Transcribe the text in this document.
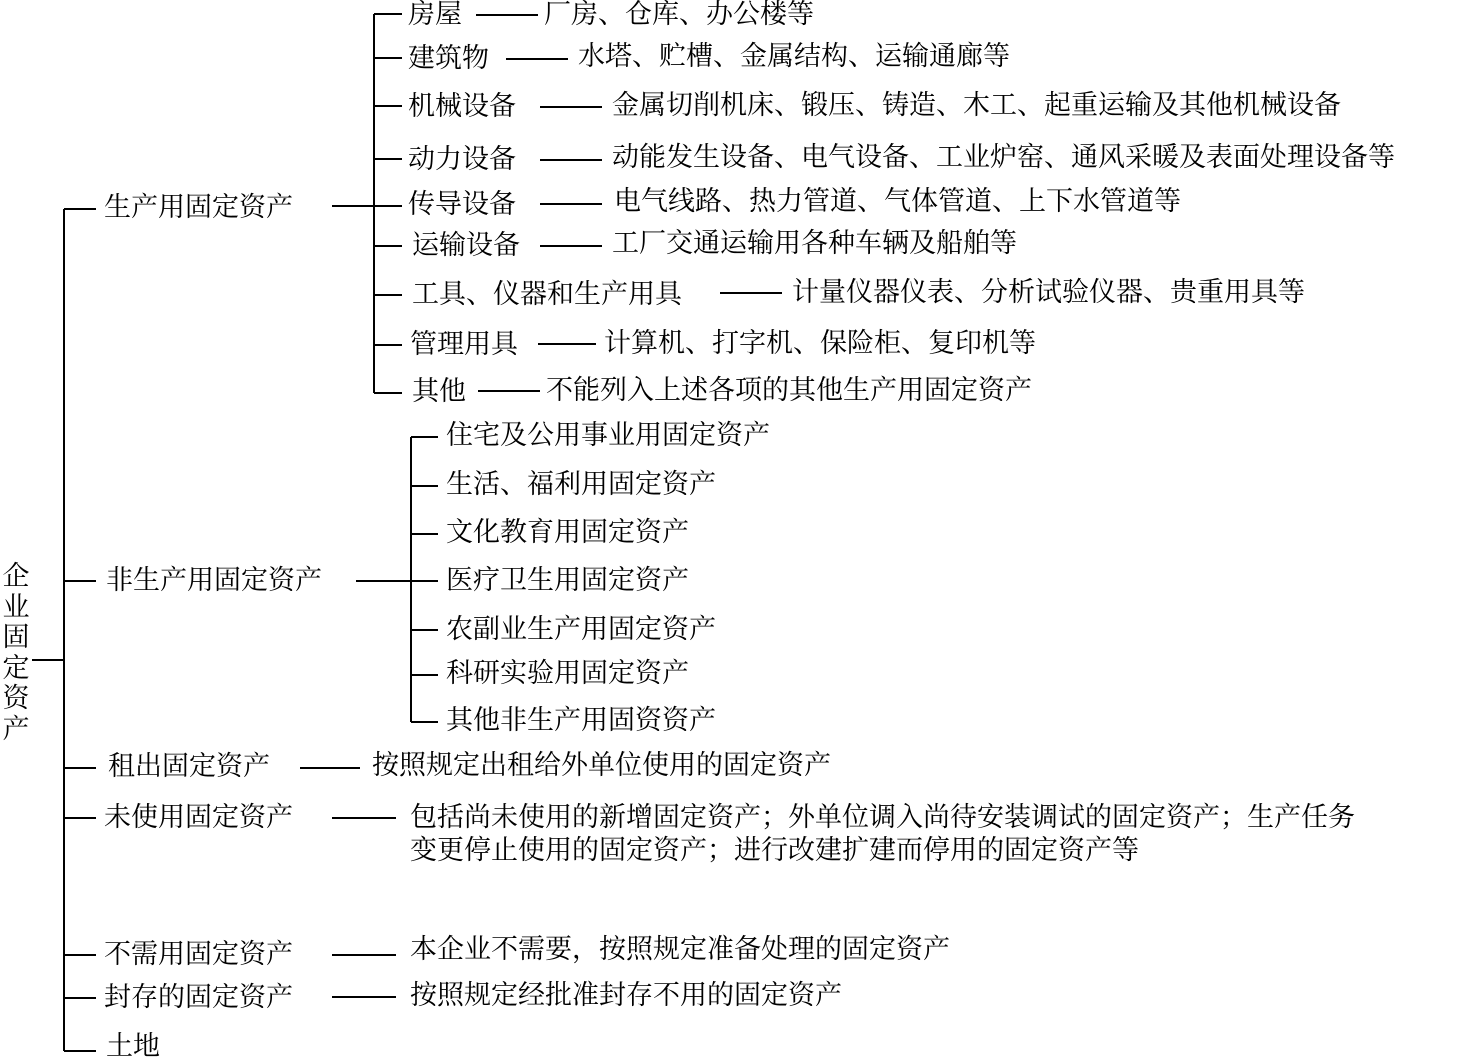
企业固定资产
生产用固定资产
房屋	厂房、仓库、办公楼等
建筑物	水塔、贮槽、金属结构、运输通廊等
机械设备	金属切削机床、锻压、铸造、木工、起重运输及其他机械设备
动力设备	动能发生设备、电气设备、工业炉窑、通风采暖及表面处理设备等
传导设备	电气线路、热力管道、气体管道、上下水管道等
运输设备	工厂交通运输用各种车辆及船舶等
工具、仪器和生产用具	计量仪器仪表、分析试验仪器、贵重用具等
管理用具	计算机、打字机、保险柜、复印机等
其他	不能列入上述各项的其他生产用固定资产
非生产用固定资产
住宅及公用事业用固定资产
生活、福利用固定资产
文化教育用固定资产
医疗卫生用固定资产
农副业生产用固定资产
科研实验用固定资产
其他非生产用固资资产
租出固定资产	按照规定出租给外单位使用的固定资产
未使用固定资产	包括尚未使用的新增固定资产；外单位调入尚待安装调试的固定资产；生产任务
变更停止使用的固定资产；进行改建扩建而停用的固定资产等
不需用固定资产	本企业不需要，按照规定准备处理的固定资产
封存的固定资产	按照规定经批准封存不用的固定资产
土地
